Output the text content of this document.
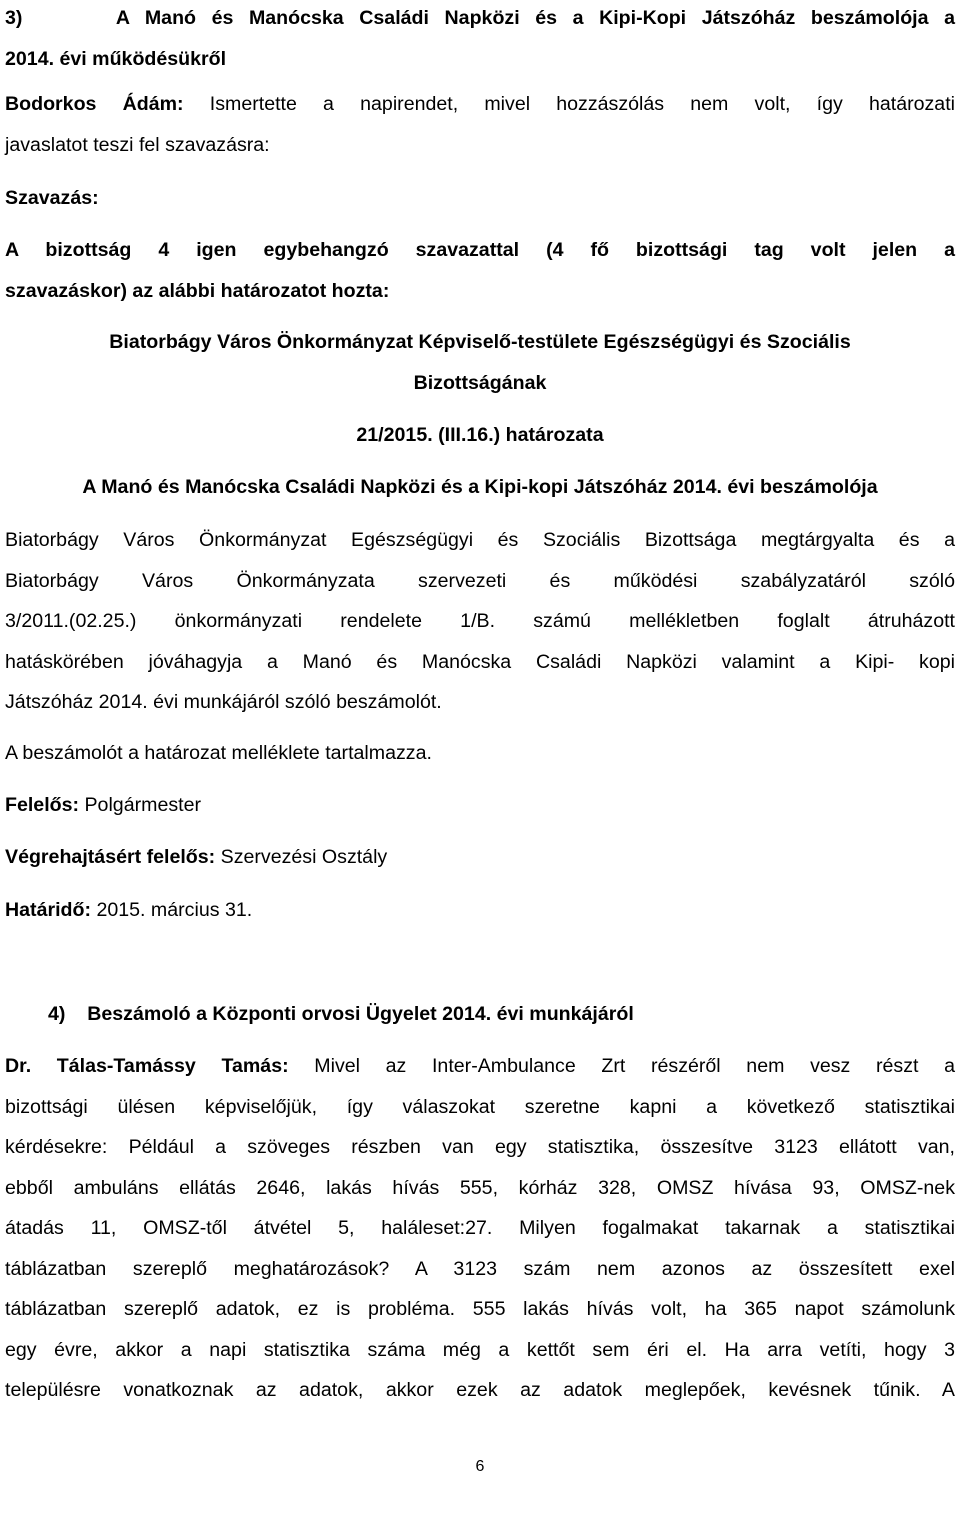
3)      A Manó és Manócska Családi Napközi és a Kipi-Kopi Játszóház beszámolója a
2014. évi működésükről
Bodorkos Ádám: Ismertette a napirendet, mivel hozzászólás nem volt, így határozati
javaslatot teszi fel szavazásra:
Szavazás:
A bizottság 4 igen egybehangzó szavazattal (4 fő bizottsági tag volt jelen a
szavazáskor) az alábbi határozatot hozta:
Biatorbágy Város Önkormányzat Képviselő-testülete Egészségügyi és Szociális
Bizottságának
21/2015. (III.16.) határozata
A Manó és Manócska Családi Napközi és a Kipi-kopi Játszóház 2014. évi beszámolója
Biatorbágy Város Önkormányzat Egészségügyi és Szociális Bizottsága megtárgyalta és a
Biatorbágy Város Önkormányzata szervezeti és működési szabályzatáról szóló
3/2011.(02.25.) önkormányzati rendelete 1/B. számú mellékletben foglalt átruházott
hatáskörében jóváhagyja a Manó és Manócska Családi Napközi valamint a Kipi- kopi
Játszóház 2014. évi munkájáról szóló beszámolót.
A beszámolót a határozat melléklete tartalmazza.
Felelős: Polgármester
Végrehajtásért felelős: Szervezési Osztály
Határidő: 2015. március 31.
4)    Beszámoló a Központi orvosi Ügyelet 2014. évi munkájáról
Dr. Tálas-Tamássy Tamás: Mivel az Inter-Ambulance Zrt részéről nem vesz részt a
bizottsági ülésen képviselőjük, így válaszokat szeretne kapni a következő statisztikai
kérdésekre: Például a szöveges részben van egy statisztika, összesítve 3123 ellátott van,
ebből ambuláns ellátás 2646, lakás hívás 555, kórház 328, OMSZ hívása 93, OMSZ-nek
átadás 11, OMSZ-től átvétel 5, haláleset:27. Milyen fogalmakat takarnak a statisztikai
táblázatban szereplő meghatározások? A 3123 szám nem azonos az összesített exel
táblázatban szereplő adatok, ez is probléma. 555 lakás hívás volt, ha 365 napot számolunk
egy évre, akkor a napi statisztika száma még a kettőt sem éri el. Ha arra vetíti, hogy 3
településre vonatkoznak az adatok, akkor ezek az adatok meglepőek, kevésnek tűnik. A
6
